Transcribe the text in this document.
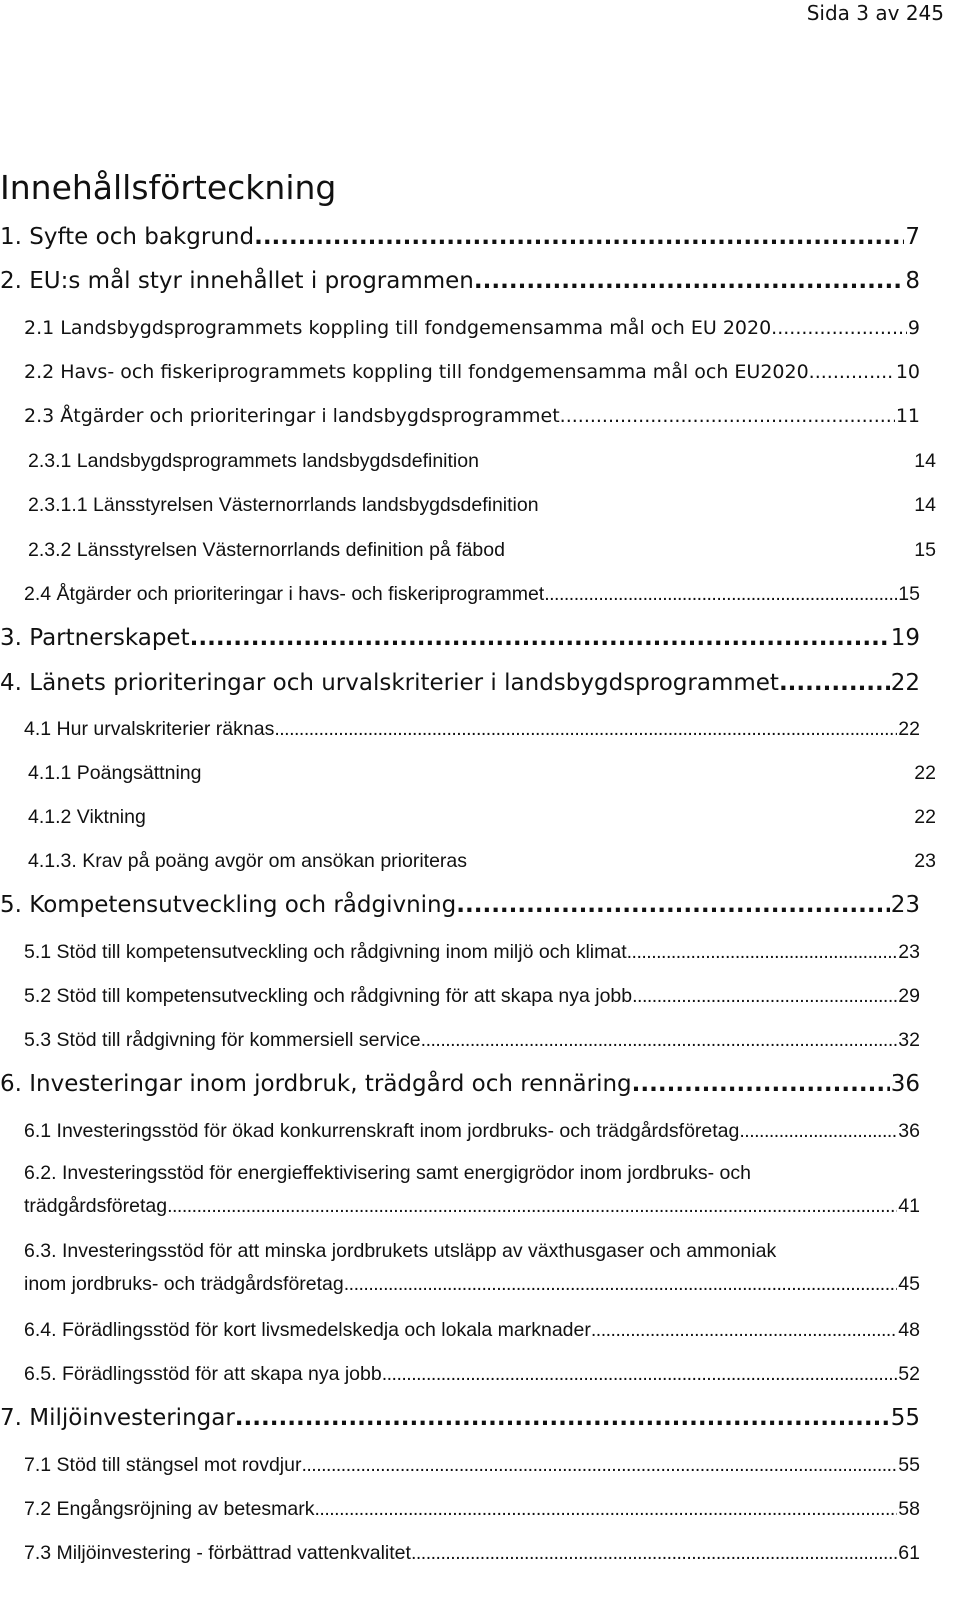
Sida 3 av 245
Innehållsförteckning
1. Syfte och bakgrund .....	7
2. EU:s mål styr innehållet i programmen .....	8
2.1 Landsbygdsprogrammets koppling till fondgemensamma mål och EU 2020 .....	9
2.2 Havs- och fiskeriprogrammets koppling till fondgemensamma mål och EU2020 .....	10
2.3 Åtgärder och prioriteringar i landsbygdsprogrammet .....	11
2.3.1 Landsbygdsprogrammets landsbygdsdefinition	14
2.3.1.1 Länsstyrelsen Västernorrlands landsbygdsdefinition	14
2.3.2 Länsstyrelsen Västernorrlands definition på fäbod	15
2.4 Åtgärder och prioriteringar i havs- och fiskeriprogrammet .....	15
3. Partnerskapet .....	19
4. Länets prioriteringar och urvalskriterier i landsbygdsprogrammet .....	22
4.1 Hur urvalskriterier räknas .....	22
4.1.1 Poängsättning	22
4.1.2 Viktning	22
4.1.3. Krav på poäng avgör om ansökan prioriteras	23
5. Kompetensutveckling och rådgivning .....	23
5.1 Stöd till kompetensutveckling och rådgivning inom miljö och klimat .....	23
5.2 Stöd till kompetensutveckling och rådgivning för att skapa nya jobb .....	29
5.3 Stöd till rådgivning för kommersiell service .....	32
6. Investeringar inom jordbruk, trädgård och rennäring .....	36
6.1 Investeringsstöd för ökad konkurrenskraft inom jordbruks- och trädgårdsföretag .....	36
6.2. Investeringsstöd för energieffektivisering samt energigrödor inom jordbruks- och
trädgårdsföretag .....	41
6.3. Investeringsstöd för att minska jordbrukets utsläpp av växthusgaser och ammoniak
inom jordbruks- och trädgårdsföretag .....	45
6.4. Förädlingsstöd för kort livsmedelskedja och lokala marknader .....	48
6.5. Förädlingsstöd för att skapa nya jobb .....	52
7. Miljöinvesteringar .....	55
7.1 Stöd till stängsel mot rovdjur .....	55
7.2 Engångsröjning av betesmark .....	58
7.3 Miljöinvestering - förbättrad vattenkvalitet .....	61
